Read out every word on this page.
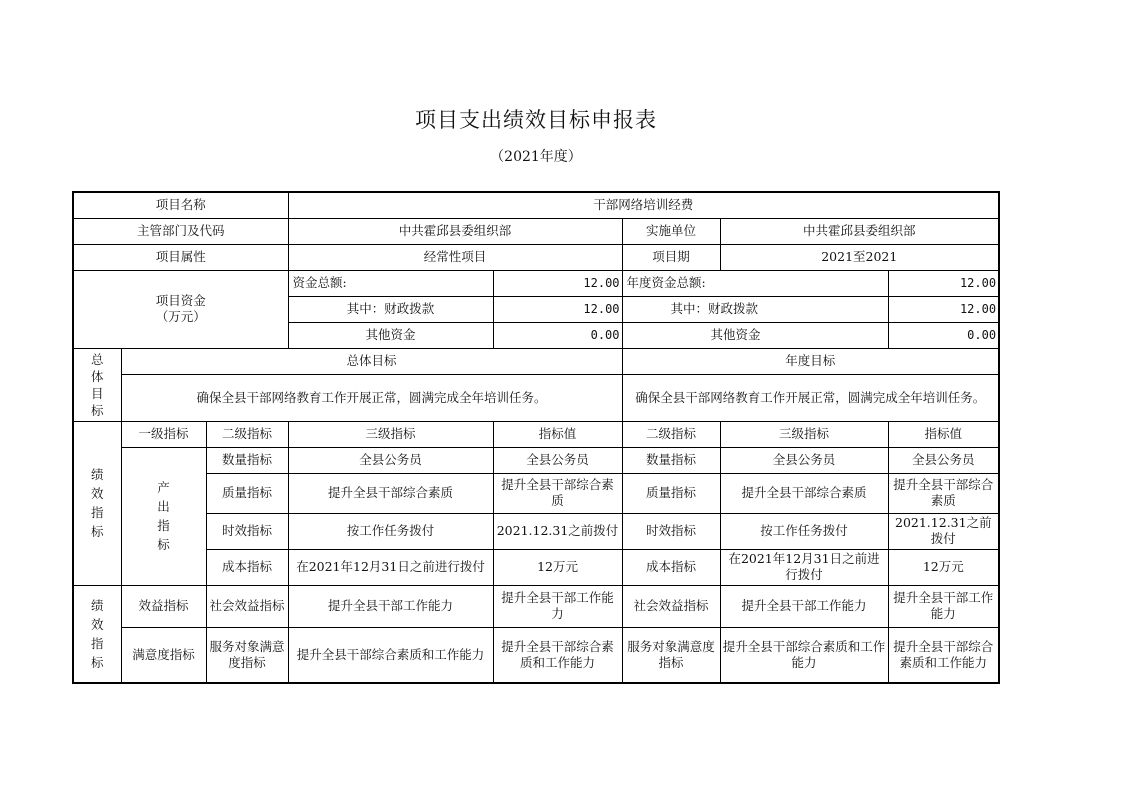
项目支出绩效目标申报表
（2021年度）
项目名称			干部网络培训经费				
主管部门及代码			中共霍邱县委组织部		实施单位	中共霍邱县委组织部	
项目属性			经常性项目		项目期	2021至2021	

项目资金
（万元）			资金总额:	12.00	年度资金总额:		12.00
			其中：财政拨款	12.00	其中：财政拨款		12.00
			其他资金	0.00	其他资金		0.00
总
体
目
标	总体目标				年度目标		
	确保全县干部网络教育工作开展正常，圆满完成全年培训任务。				确保全县干部网络教育工作开展正常，圆满完成全年培训任务。		
绩
效
指
标	一级指标	二级指标	三级指标	指标值	二级指标	三级指标	指标值
	产
出
指
标	数量指标	全县公务员	全县公务员	数量指标	全县公务员	全县公务员
		质量指标	提升全县干部综合素质	提升全县干部综合素质	质量指标	提升全县干部综合素质	提升全县干部综合素质
		时效指标	按工作任务拨付	2021.12.31之前拨付	时效指标	按工作任务拨付	2021.12.31之前拨付
		成本指标	在2021年12月31日之前进行拨付	12万元	成本指标	在2021年12月31日之前进行拨付	12万元
绩
效
指
标	效益指标	社会效益指标	提升全县干部工作能力	提升全县干部工作能力	社会效益指标	提升全县干部工作能力	提升全县干部工作能力
	满意度指标	服务对象满意度指标	提升全县干部综合素质和工作能力	提升全县干部综合素质和工作能力	服务对象满意度指标	提升全县干部综合素质和工作能力	提升全县干部综合素质和工作能力
